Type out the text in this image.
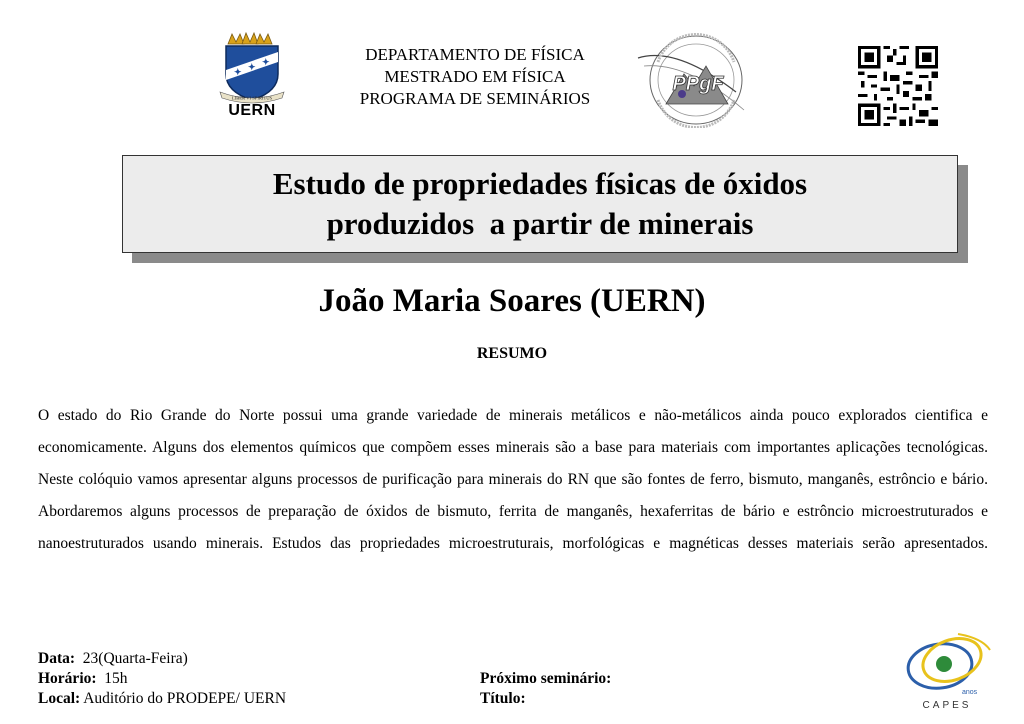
✦ ✦ ✦
LIBER VI SPIRITUS
UERN
DEPARTAMENTO DE FÍSICA
MESTRADO EM FÍSICA
PROGRAMA DE SEMINÁRIOS
PPgF
Estudo de propriedades físicas de óxidos
produzidos  a partir de minerais
João Maria Soares (UERN)
RESUMO

O estado do Rio Grande do Norte possui uma grande variedade de minerais metálicos e não-metálicos ainda pouco explorados cientifica e economicamente. Alguns dos elementos químicos que compõem esses minerais são a base para materiais com importantes aplicações tecnológicas. Neste colóquio vamos apresentar alguns processos de purificação para minerais do RN que são fontes de ferro, bismuto, manganês, estrôncio e bário. Abordaremos alguns processos de preparação de óxidos de bismuto, ferrita de manganês, hexaferritas de bário e estrôncio microestruturados e nanoestruturados usando minerais. Estudos das propriedades microestruturais, morfológicas e magnéticas desses materiais serão apresentados.

Data: 23(Quarta-Feira)
Horário: 15h
Local: Auditório do PRODEPE/ UERN
Próximo seminário:
Título:	anos
CAPES
